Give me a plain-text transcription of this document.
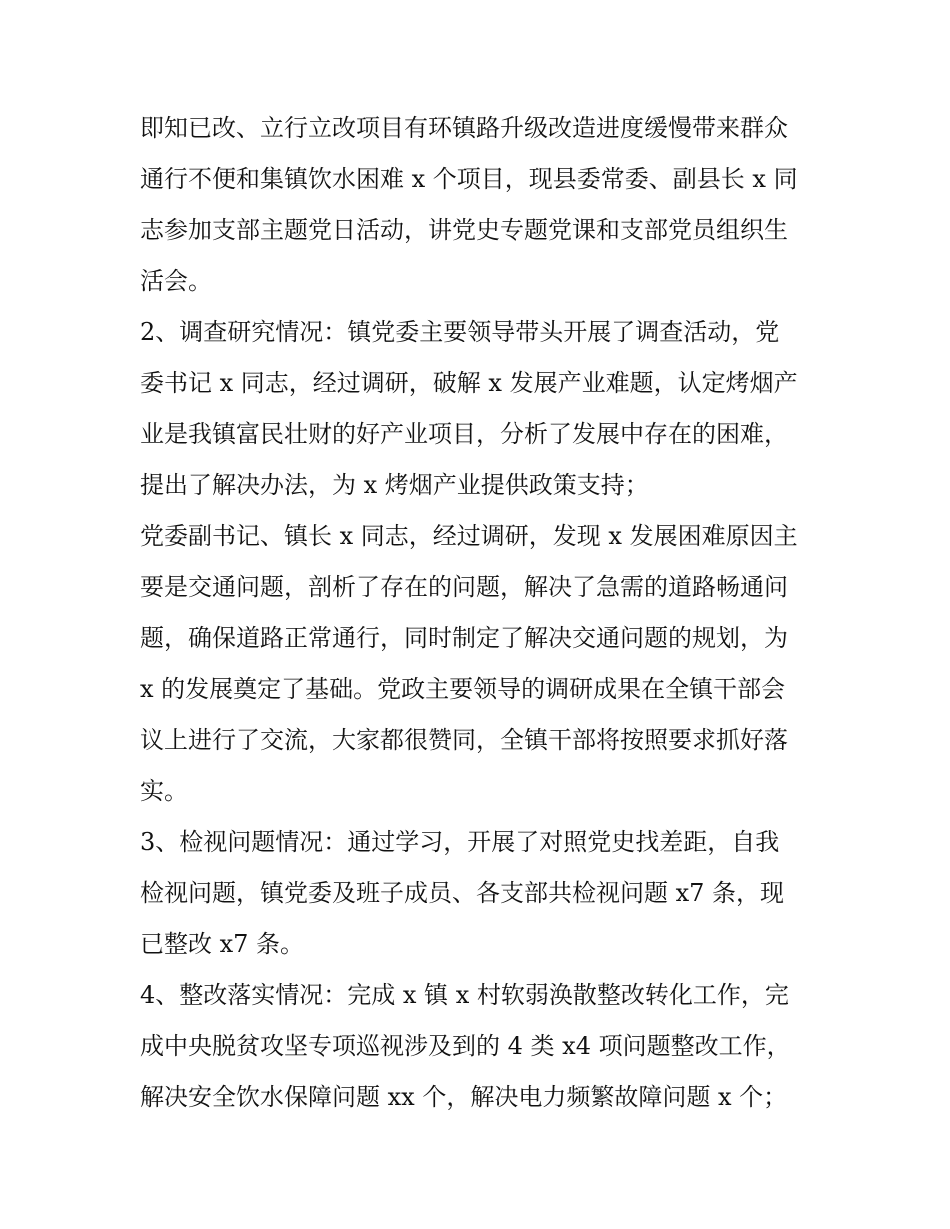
即知已改、立行立改项目有环镇路升级改造进度缓慢带来群众
通行不便和集镇饮水困难 x 个项目，现县委常委、副县长 x 同
志参加支部主题党日活动，讲党史专题党课和支部党员组织生
活会。
2、调查研究情况：镇党委主要领导带头开展了调查活动，党
委书记 x 同志，经过调研，破解 x 发展产业难题，认定烤烟产
业是我镇富民壮财的好产业项目，分析了发展中存在的困难，
提出了解决办法，为 x 烤烟产业提供政策支持；
党委副书记、镇长 x 同志，经过调研，发现 x 发展困难原因主
要是交通问题，剖析了存在的问题，解决了急需的道路畅通问
题，确保道路正常通行，同时制定了解决交通问题的规划，为
x 的发展奠定了基础。党政主要领导的调研成果在全镇干部会
议上进行了交流，大家都很赞同，全镇干部将按照要求抓好落
实。
3、检视问题情况：通过学习，开展了对照党史找差距，自我
检视问题，镇党委及班子成员、各支部共检视问题 x7 条，现
已整改 x7 条。
4、整改落实情况：完成 x 镇 x 村软弱涣散整改转化工作，完
成中央脱贫攻坚专项巡视涉及到的 4 类 x4 项问题整改工作，
解决安全饮水保障问题 xx 个，解决电力频繁故障问题 x 个；
